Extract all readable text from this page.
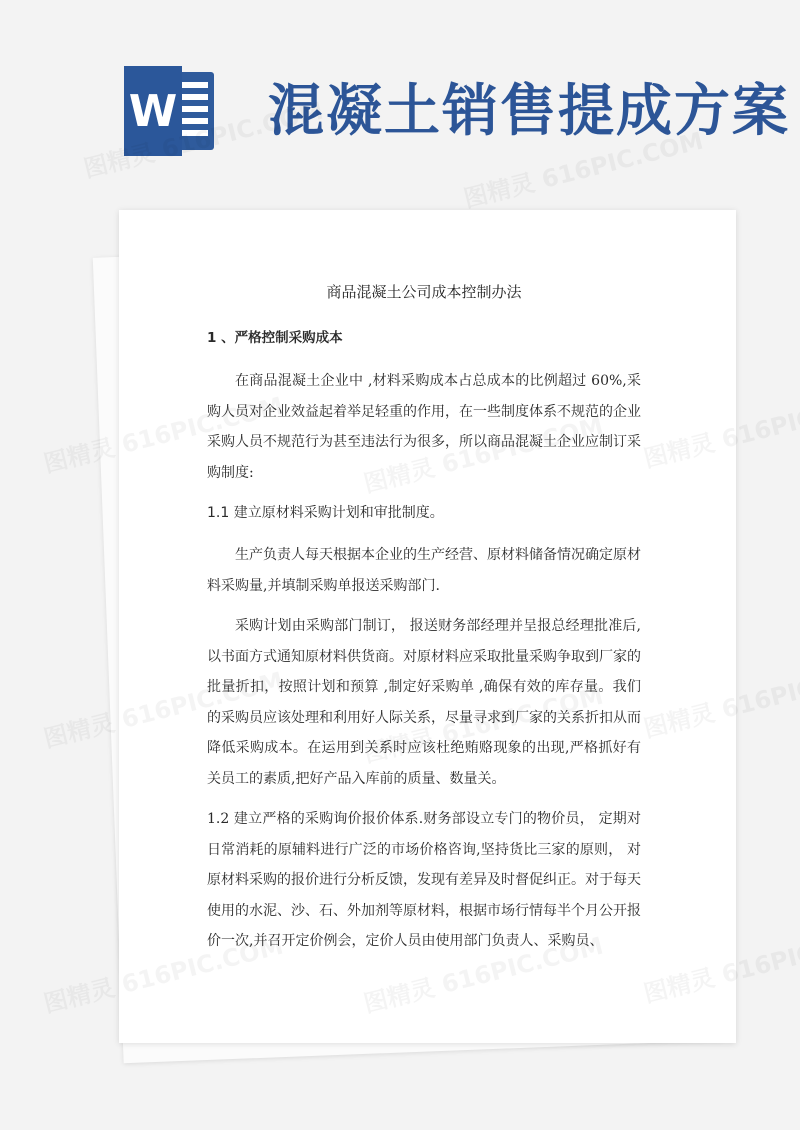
W 混凝土销售提成方案
商品混凝土公司成本控制办法
1 、严格控制采购成本

在商品混凝土企业中 ,材料采购成本占总成本的比例超过 60%,采购人员对企业效益起着举足轻重的作用，在一些制度体系不规范的企业采购人员不规范行为甚至违法行为很多，所以商品混凝土企业应制订采购制度:

1.1 建立原材料采购计划和审批制度。

生产负责人每天根据本企业的生产经营、原材料储备情况确定原材料采购量,并填制采购单报送采购部门.

采购计划由采购部门制订， 报送财务部经理并呈报总经理批准后,以书面方式通知原材料供货商。对原材料应采取批量采购争取到厂家的批量折扣，按照计划和预算 ,制定好采购单 ,确保有效的库存量。我们的采购员应该处理和利用好人际关系，尽量寻求到厂家的关系折扣从而降低采购成本。在运用到关系时应该杜绝贿赂现象的出现,严格抓好有关员工的素质,把好产品入库前的质量、数量关。

1.2 建立严格的采购询价报价体系.财务部设立专门的物价员， 定期对日常消耗的原辅料进行广泛的市场价格咨询,坚持货比三家的原则， 对原材料采购的报价进行分析反馈，发现有差异及时督促纠正。对于每天使用的水泥、沙、石、外加剂等原材料，根据市场行情每半个月公开报价一次,并召开定价例会，定价人员由使用部门负责人、采购员、
